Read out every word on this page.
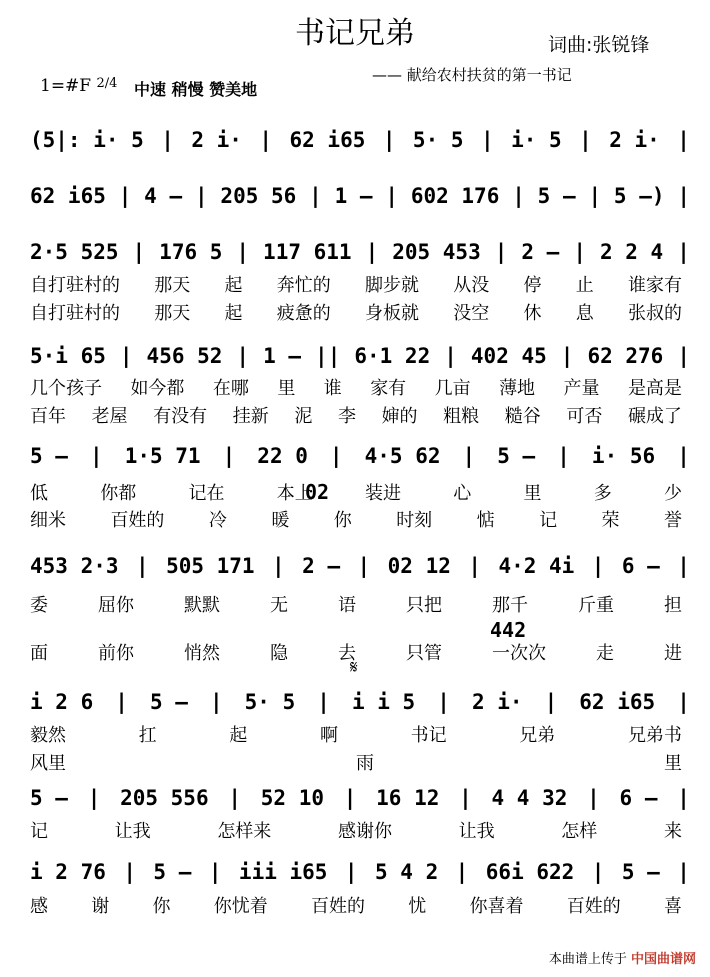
书记兄弟	词曲:张锐锋
—— 献给农村扶贫的第一书记
1=#F $^{2/4}$ 中速 稍慢 赞美地
(5|: i· 5 | 2 i· | 62 i65 | 5· 5 | i· 5 | 2 i· |
62 i65 | 4 – | 205 56 | 1 – | 602 176 | 5 – | 5 –) |
2·5 525 | 176 5 | 117 611 | 205 453 | 2 – | 2 2 4 |
5·i 65 | 456 52 | 1 – || 6·1 22 | 402 45 | 62 276 |
5 – | 1·5 71 | 22 0 | 4·5 62 | 5 – | i· 56 |
453 2·3 | 505 171 | 2 – | 02 12 | 4·2 4i | 6 – |
i 2 6 | 5 – | 5· 5 | i i 5 | 2 i· | 62 i65 |
5 – | 205 556 | 52 10 | 16 12 | 4 4 32 | 6 – |
i 2 76 | 5 – | iii i65 | 5 4 2 | 66i 622 | 5 – |
自打驻村的 那天 起 奔忙的 脚步就 从没 停 止 谁家有
自打驻村的 那天 起 疲惫的 身板就 没空 休 息 张叔的
几个孩子 如今都 在哪 里 谁 家有 几亩 薄地 产量 是高是
百年 老屋 有没有 挂新 泥 李 婶的 粗粮 糙谷 可否 碾成了
低	你都	记在	本上	装进	心	里	多	少
细米 百姓的 冷 暖 你 时刻 惦 记 荣 誉
委	屈你	默默	无	语	只把	那千	斤重	担
面	前你	悄然	隐	去	只管	一次次	走	进
毅然	扛	起	啊	书记	兄弟	兄弟书
风里	雨	里
记	让我	怎样来	感谢你	让我	怎样	来
感 谢 你 你忧着 百姓的 忧 你喜着 百姓的 喜
02
442
𝄋
本曲谱上传于 中国曲谱网
